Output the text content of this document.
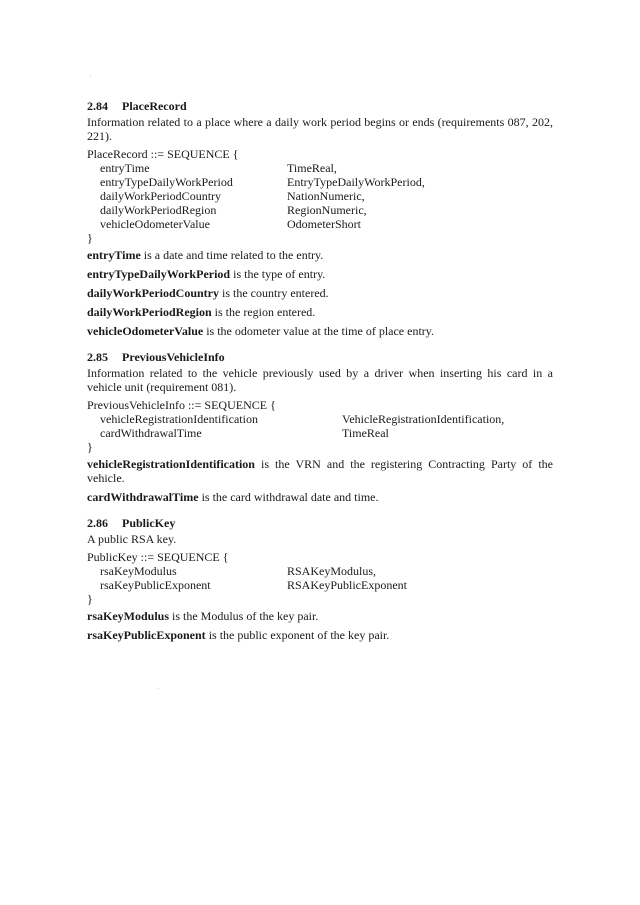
2.84 PlaceRecord
Information related to a place where a daily work period begins or ends (requirements 087, 202, 221).
PlaceRecord ::= SEQUENCE {
entryTime	TimeReal,
entryTypeDailyWorkPeriod	EntryTypeDailyWorkPeriod,
dailyWorkPeriodCountry	NationNumeric,
dailyWorkPeriodRegion	RegionNumeric,
vehicleOdometerValue	OdometerShort
}
entryTime is a date and time related to the entry.
entryTypeDailyWorkPeriod is the type of entry.
dailyWorkPeriodCountry is the country entered.
dailyWorkPeriodRegion is the region entered.
vehicleOdometerValue is the odometer value at the time of place entry.
2.85 PreviousVehicleInfo
Information related to the vehicle previously used by a driver when inserting his card in a vehicle unit (requirement 081).
PreviousVehicleInfo ::= SEQUENCE {
vehicleRegistrationIdentification	VehicleRegistrationIdentification,
cardWithdrawalTime	TimeReal
}
vehicleRegistrationIdentification is the VRN and the registering Contracting Party of the vehicle.
cardWithdrawalTime is the card withdrawal date and time.
2.86 PublicKey
A public RSA key.
PublicKey ::= SEQUENCE {
rsaKeyModulus	RSAKeyModulus,
rsaKeyPublicExponent	RSAKeyPublicExponent
}
rsaKeyModulus is the Modulus of the key pair.
rsaKeyPublicExponent is the public exponent of the key pair.
